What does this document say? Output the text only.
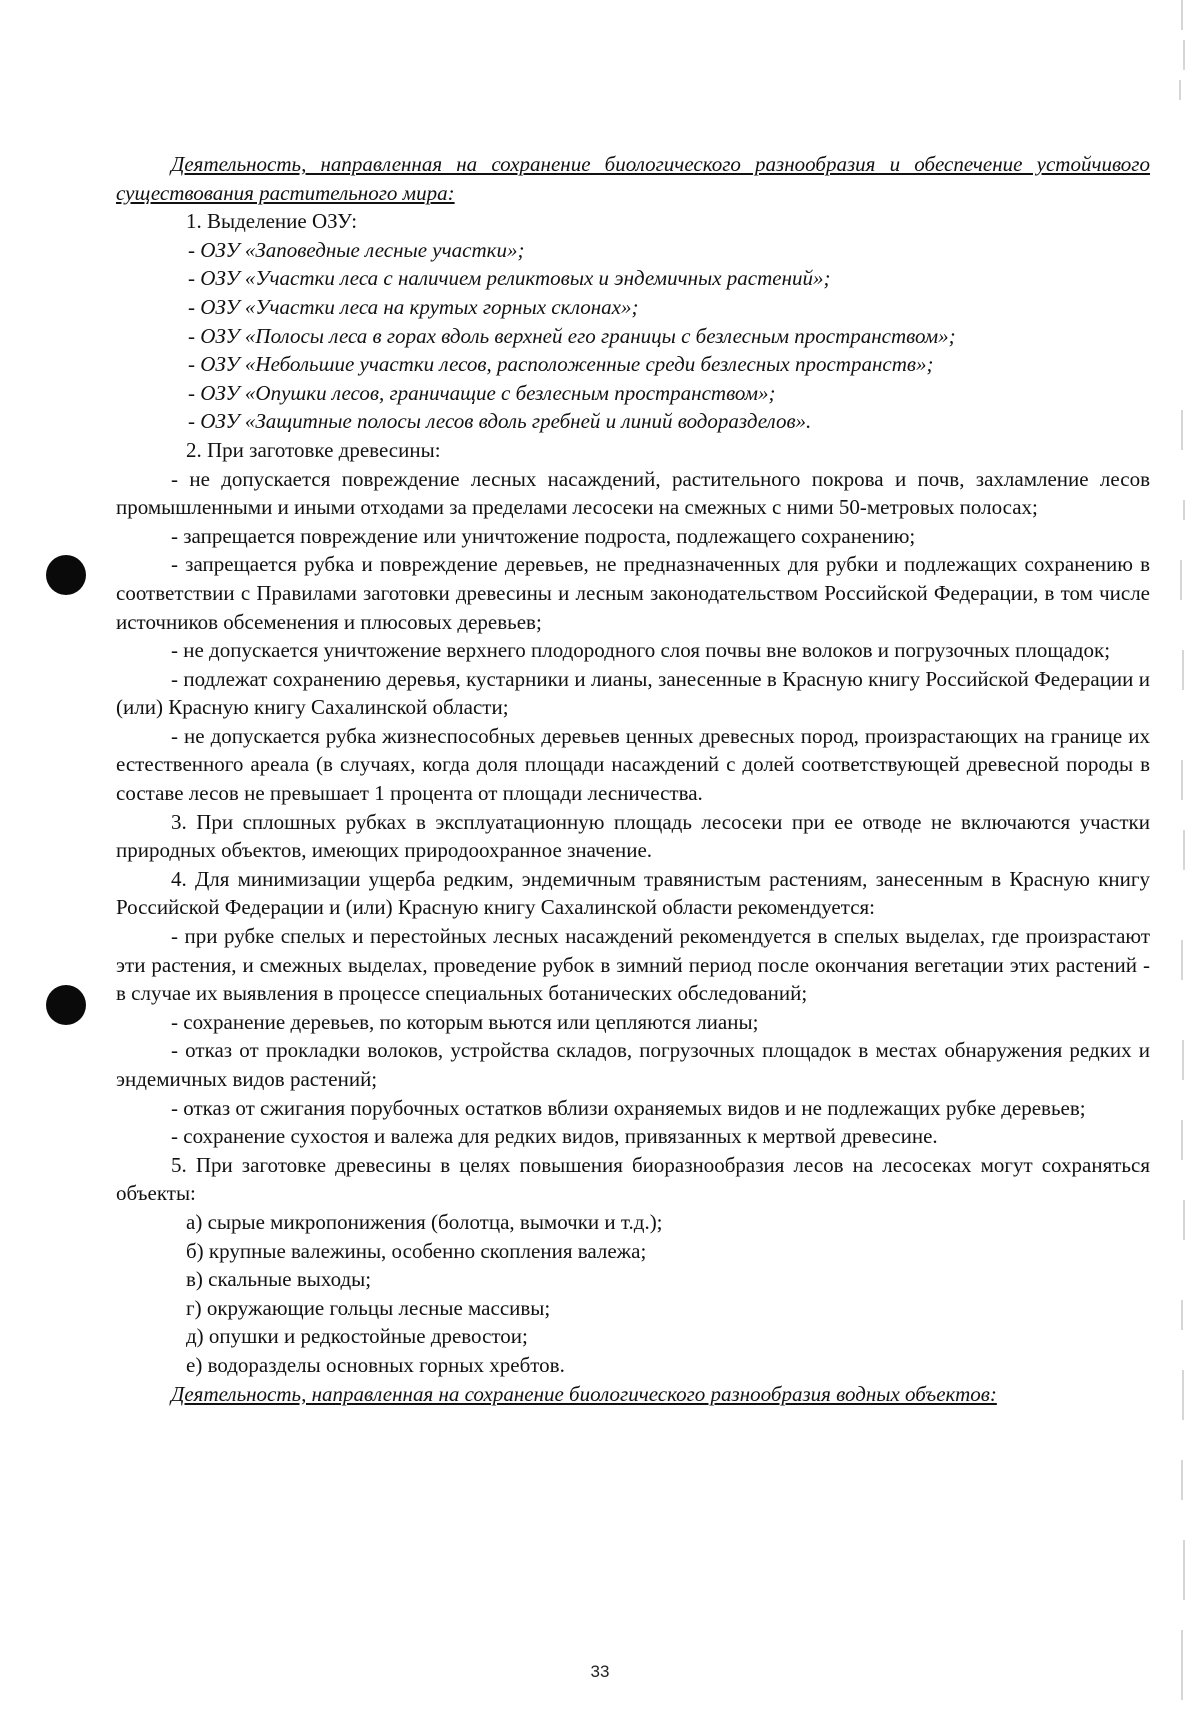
Деятельность, направленная на сохранение биологического разнообразия и обеспечение устойчивого существования растительного мира:

1. Выделение ОЗУ:

- ОЗУ «Заповедные лесные участки»;

- ОЗУ «Участки леса с наличием реликтовых и эндемичных растений»;

- ОЗУ «Участки леса на крутых горных склонах»;

- ОЗУ «Полосы леса в горах вдоль верхней его границы с безлесным пространством»;

- ОЗУ «Небольшие участки лесов, расположенные среди безлесных пространств»;

- ОЗУ «Опушки лесов, граничащие с безлесным пространством»;

- ОЗУ «Защитные полосы лесов вдоль гребней и линий водоразделов».

2. При заготовке древесины:

- не допускается повреждение лесных насаждений, растительного покрова и почв, захламление лесов промышленными и иными отходами за пределами лесосеки на смежных с ними 50-метровых полосах;

- запрещается повреждение или уничтожение подроста, подлежащего сохранению;

- запрещается рубка и повреждение деревьев, не предназначенных для рубки и подлежащих сохранению в соответствии с Правилами заготовки древесины и лесным законодательством Российской Федерации, в том числе источников обсеменения и плюсовых деревьев;

- не допускается уничтожение верхнего плодородного слоя почвы вне волоков и погрузочных площадок;

- подлежат сохранению деревья, кустарники и лианы, занесенные в Красную книгу Российской Федерации и (или) Красную книгу Сахалинской области;

- не допускается рубка жизнеспособных деревьев ценных древесных пород, произрастающих на границе их естественного ареала (в случаях, когда доля площади насаждений с долей соответствующей древесной породы в составе лесов не превышает 1 процента от площади лесничества.

3. При сплошных рубках в эксплуатационную площадь лесосеки при ее отводе не включаются участки природных объектов, имеющих природоохранное значение.

4. Для минимизации ущерба редким, эндемичным травянистым растениям, занесенным в Красную книгу Российской Федерации и (или) Красную книгу Сахалинской области рекомендуется:

- при рубке спелых и перестойных лесных насаждений рекомендуется в спелых выделах, где произрастают эти растения, и смежных выделах, проведение рубок в зимний период после окончания вегетации этих растений - в случае их выявления в процессе специальных ботанических обследований;

- сохранение деревьев, по которым вьются или цепляются лианы;

- отказ от прокладки волоков, устройства складов, погрузочных площадок в местах обнаружения редких и эндемичных видов растений;

- отказ от сжигания порубочных остатков вблизи охраняемых видов и не подлежащих рубке деревьев;

- сохранение сухостоя и валежа для редких видов, привязанных к мертвой древесине.

5. При заготовке древесины в целях повышения биоразнообразия лесов на лесосеках могут сохраняться объекты:

а) сырые микропонижения (болотца, вымочки и т.д.);

б) крупные валежины, особенно скопления валежа;

в) скальные выходы;

г) окружающие гольцы лесные массивы;

д) опушки и редкостойные древостои;

е) водоразделы основных горных хребтов.

Деятельность, направленная на сохранение биологического разнообразия водных объектов:

33
